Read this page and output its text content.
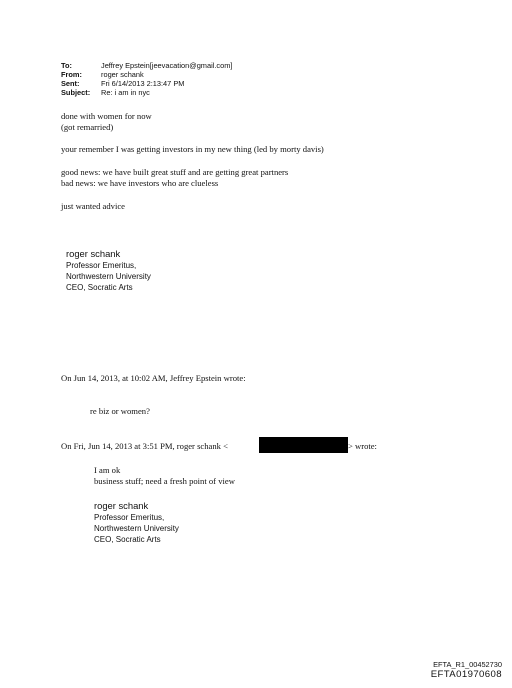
To:	Jeffrey Epstein[jeevacation@gmail.com]
From:	roger schank
Sent:	Fri 6/14/2013 2:13:47 PM
Subject: Re: i am in nyc
done with women for now
(got remarried)
your remember I was getting investors in my new thing (led by morty davis)
good news: we have built great stuff and are getting great partners
bad news: we have investors who are clueless
just wanted advice
roger schank
Professor Emeritus,
Northwestern University
CEO, Socratic Arts
On Jun 14, 2013, at 10:02 AM, Jeffrey Epstein wrote:
re biz or women?
On Fri, Jun 14, 2013 at 3:51 PM, roger schank <	> wrote:
I am ok
business stuff; need a fresh point of view
roger schank
Professor Emeritus,
Northwestern University
CEO, Socratic Arts
EFTA_R1_00452730
EFTA01970608
